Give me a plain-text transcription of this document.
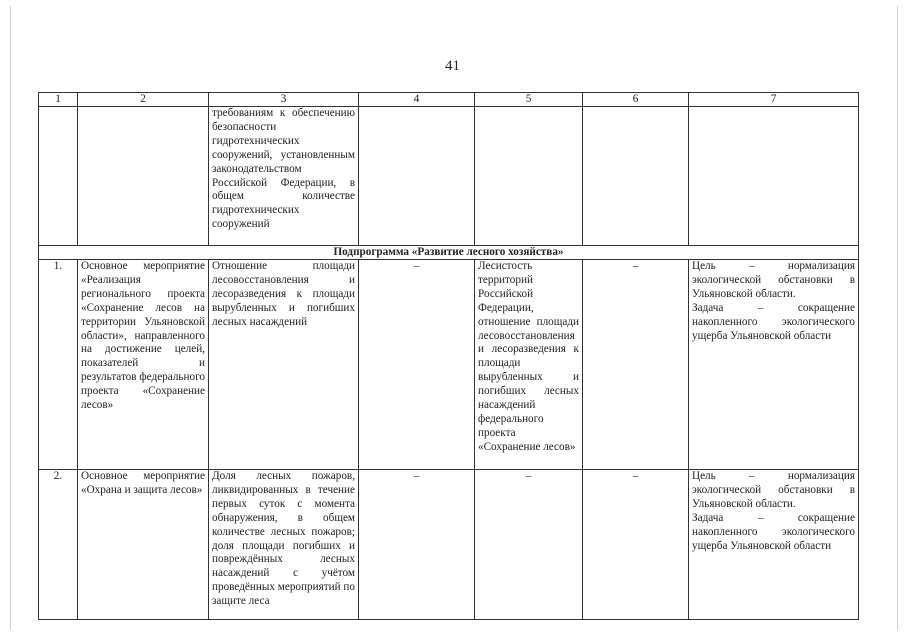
41
1	2	3	4	5	6	7
		требованиям к обеспечению безопасности гидротехнических сооружений, установленным законодательством Российской Федерации, в общем количестве гидротехнических сооружений				
Подпрограмма «Развитие лесного хозяйства»						
1.	Основное мероприятие «Реализация регионального проекта «Сохранение лесов на территории Ульяновской области», направленного на достижение целей, показателей и результатов федерального проекта «Сохранение лесов»	Отношение площади лесовосстановления и лесоразведения к площади вырубленных и погибших лесных насаждений	–	Лесистость территорий Российской Федерации, отношение площади лесовосстановления и лесоразведения к площади вырубленных и погибших лесных насаждений федерального проекта «Сохранение лесов»	–	Цель – нормализация экологической обстановки в Ульяновской области.

Задача – сокращение накопленного экологического ущерба Ульяновской области

2.	Основное мероприятие «Охрана и защита лесов»	Доля лесных пожаров, ликвидированных в течение первых суток с момента обнаружения, в общем количестве лесных пожаров; доля площади погибших и повреждённых лесных насаждений с учётом проведённых мероприятий по защите леса	–	–	–	Цель – нормализация экологической обстановки в Ульяновской области.

Задача – сокращение накопленного экологического ущерба Ульяновской области
